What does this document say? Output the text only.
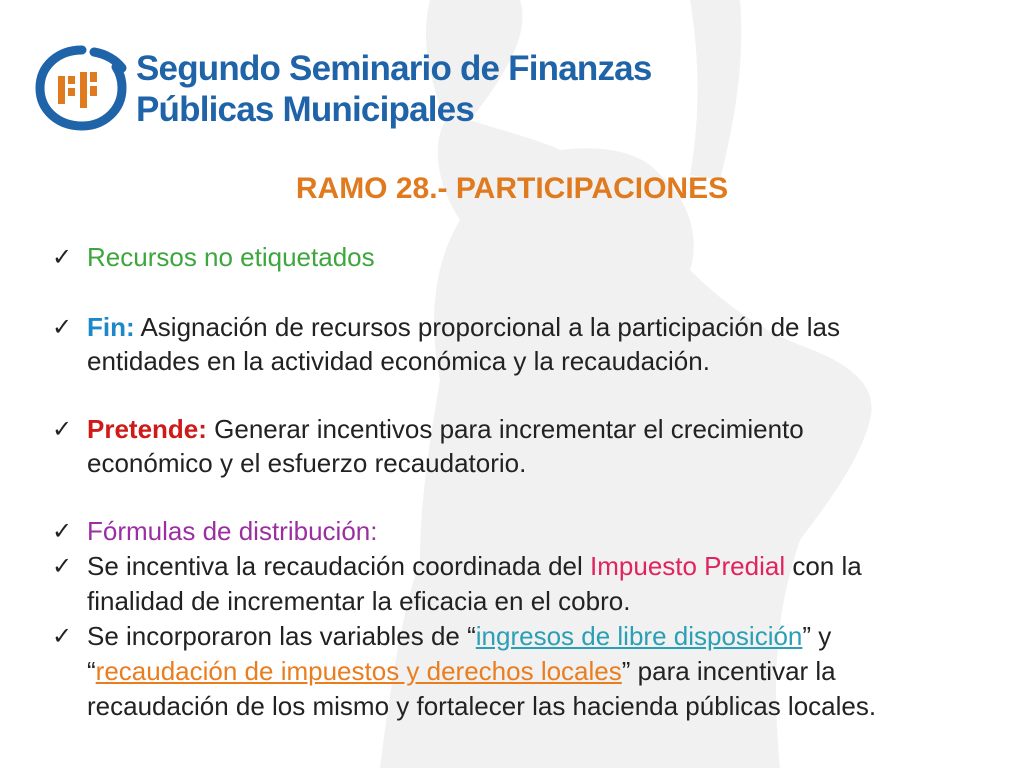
Segundo Seminario de Finanzas
Públicas Municipales
RAMO 28.- PARTICIPACIONES
✓ Recursos no etiquetados
✓ Fin: Asignación de recursos proporcional a la participación de las
entidades en la actividad económica y la recaudación.
✓ Pretende: Generar incentivos para incrementar el crecimiento
económico y el esfuerzo recaudatorio.
✓ Fórmulas de distribución:
✓ Se incentiva la recaudación coordinada del Impuesto Predial con la
finalidad de incrementar la eficacia en el cobro.
✓ Se incorporaron las variables de “ingresos de libre disposición” y
“recaudación de impuestos y derechos locales” para incentivar la
recaudación de los mismo y fortalecer las hacienda públicas locales.
